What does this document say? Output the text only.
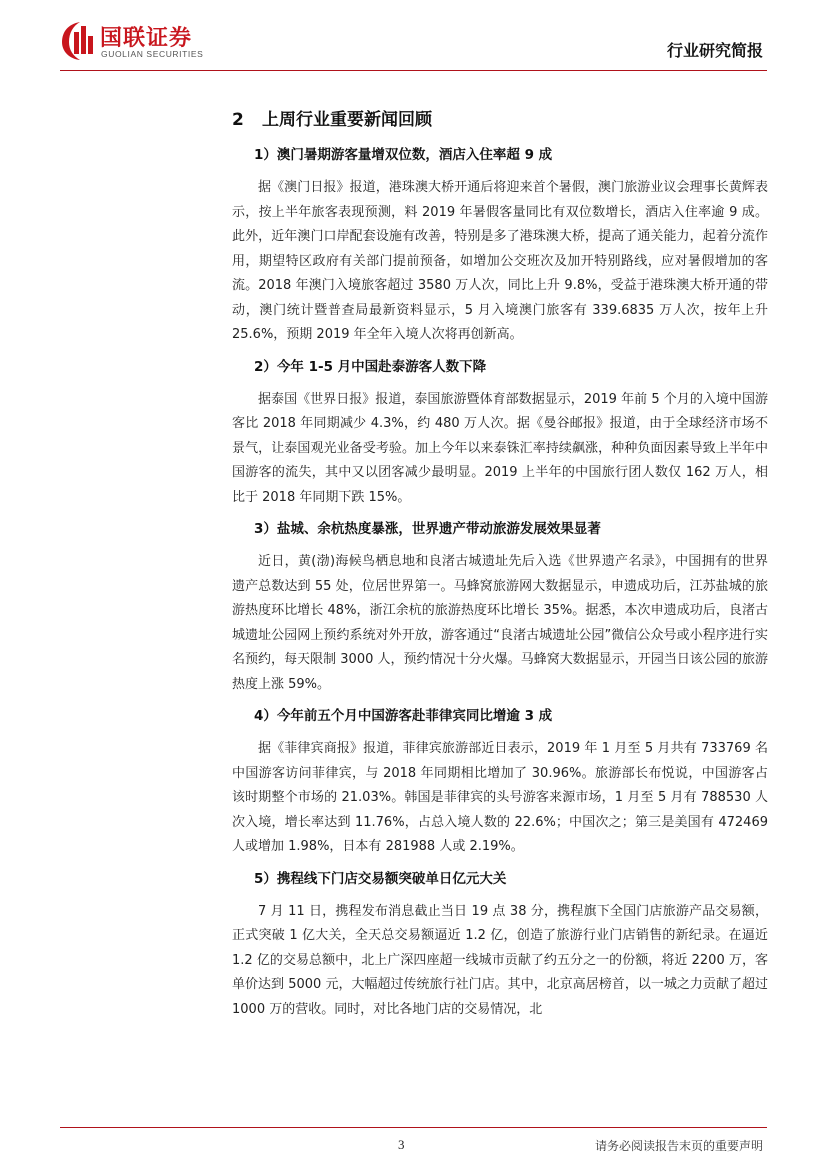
国联证券
GUOLIAN SECURITIES	行业研究简报
2 上周行业重要新闻回顾
1）澳门暑期游客量增双位数，酒店入住率超 9 成

据《澳门日报》报道，港珠澳大桥开通后将迎来首个暑假，澳门旅游业议会理事长黄辉表示，按上半年旅客表现预测，料 2019 年暑假客量同比有双位数增长，酒店入住率逾 9 成。此外，近年澳门口岸配套设施有改善，特别是多了港珠澳大桥，提高了通关能力，起着分流作用，期望特区政府有关部门提前预备，如增加公交班次及加开特别路线，应对暑假增加的客流。2018 年澳门入境旅客超过 3580 万人次，同比上升 9.8%，受益于港珠澳大桥开通的带动，澳门统计暨普查局最新资料显示，5 月入境澳门旅客有 339.6835 万人次，按年上升 25.6%，预期 2019 年全年入境人次将再创新高。

2）今年 1-5 月中国赴泰游客人数下降

据泰国《世界日报》报道，泰国旅游暨体育部数据显示，2019 年前 5 个月的入境中国游客比 2018 年同期减少 4.3%，约 480 万人次。据《曼谷邮报》报道，由于全球经济市场不景气，让泰国观光业备受考验。加上今年以来泰铢汇率持续飙涨，种种负面因素导致上半年中国游客的流失，其中又以团客减少最明显。2019 上半年的中国旅行团人数仅 162 万人，相比于 2018 年同期下跌 15%。

3）盐城、余杭热度暴涨，世界遗产带动旅游发展效果显著

近日，黄(渤)海候鸟栖息地和良渚古城遗址先后入选《世界遗产名录》，中国拥有的世界遗产总数达到 55 处，位居世界第一。马蜂窝旅游网大数据显示，申遗成功后，江苏盐城的旅游热度环比增长 48%，浙江余杭的旅游热度环比增长 35%。据悉，本次申遗成功后，良渚古城遗址公园网上预约系统对外开放，游客通过“良渚古城遗址公园”微信公众号或小程序进行实名预约，每天限制 3000 人，预约情况十分火爆。马蜂窝大数据显示，开园当日该公园的旅游热度上涨 59%。

4）今年前五个月中国游客赴菲律宾同比增逾 3 成

据《菲律宾商报》报道，菲律宾旅游部近日表示，2019 年 1 月至 5 月共有 733769 名中国游客访问菲律宾，与 2018 年同期相比增加了 30.96%。旅游部长布悦说，中国游客占该时期整个市场的 21.03%。韩国是菲律宾的头号游客来源市场，1 月至 5 月有 788530 人次入境，增长率达到 11.76%，占总入境人数的 22.6%；中国次之；第三是美国有 472469 人或增加 1.98%，日本有 281988 人或 2.19%。

5）携程线下门店交易额突破单日亿元大关

7 月 11 日，携程发布消息截止当日 19 点 38 分，携程旗下全国门店旅游产品交易额，正式突破 1 亿大关，全天总交易额逼近 1.2 亿，创造了旅游行业门店销售的新纪录。在逼近 1.2 亿的交易总额中，北上广深四座超一线城市贡献了约五分之一的份额，将近 2200 万，客单价达到 5000 元，大幅超过传统旅行社门店。其中，北京高居榜首，以一城之力贡献了超过 1000 万的营收。同时，对比各地门店的交易情况，北

3	请务必阅读报告末页的重要声明
